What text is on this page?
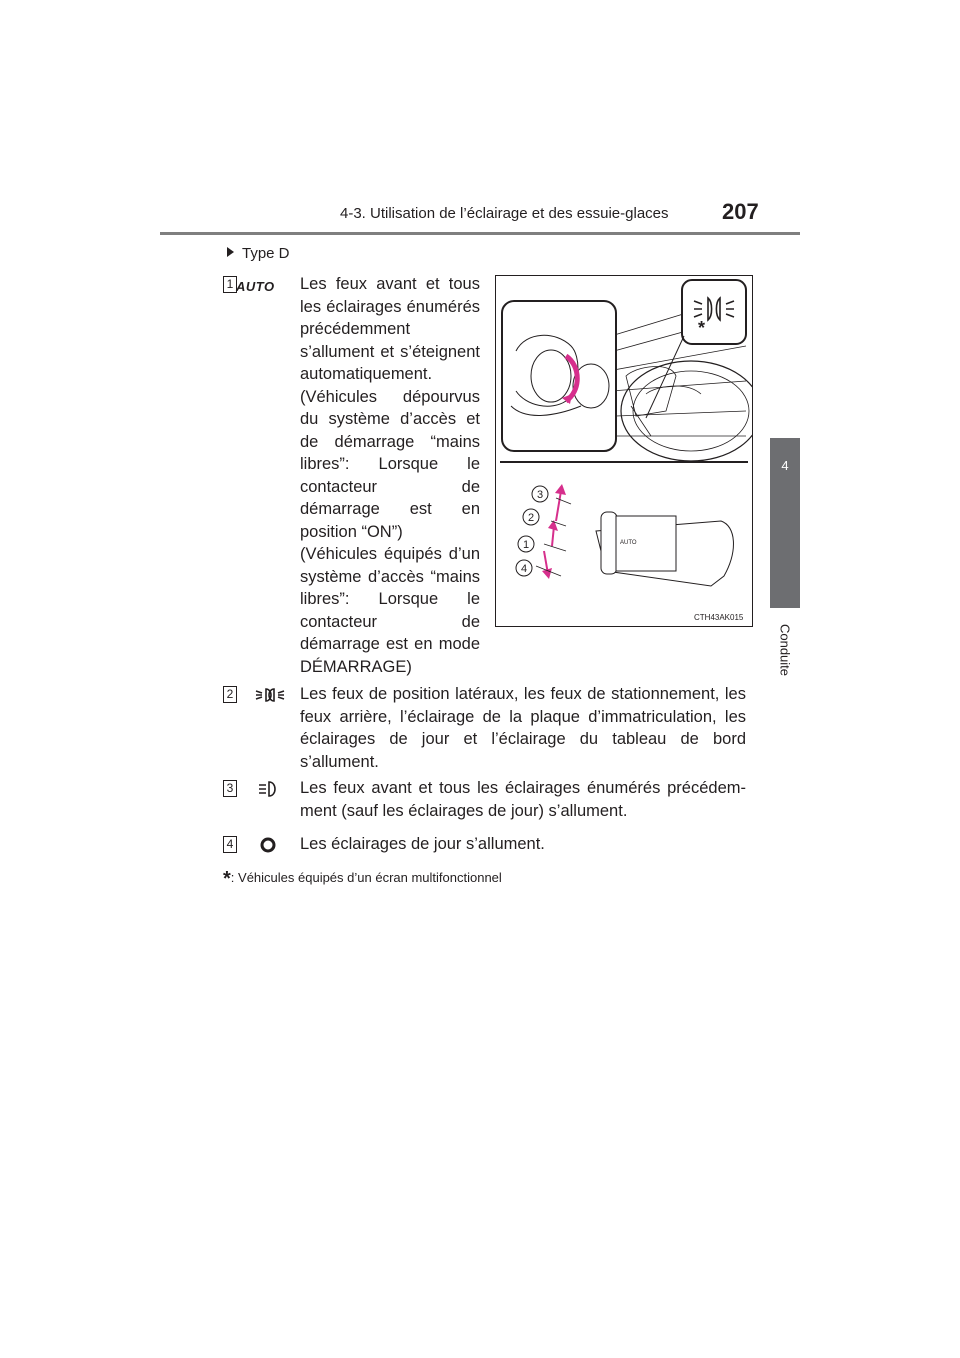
4-3. Utilisation de l’éclairage et des essuie-glaces 207
4
Conduite
Type D
1 AUTO Les feux avant et tous les éclairages énumérés précédemment s’allument et s’éteignent automatiquement.
(Véhicules dépourvus du système d’accès et de démarrage “mains libres”: Lorsque le contacteur de démarrage est en position “ON”)
(Véhicules équipés d’un système d’accès “mains libres”: Lorsque le contacteur de démarrage est en mode DÉMARRAGE)
*
AUTO
3
2
1
4
CTH43AK015
2	Les feux de position latéraux, les feux de stationnement, les feux arrière, l’éclairage de la plaque d’immatriculation, les éclairages de jour et l’éclairage du tableau de bord s’allument.
3	Les feux avant et tous les éclairages énumérés précédem-ment (sauf les éclairages de jour) s’allument.
4	Les éclairages de jour s’allument.
*: Véhicules équipés d’un écran multifonctionnel
